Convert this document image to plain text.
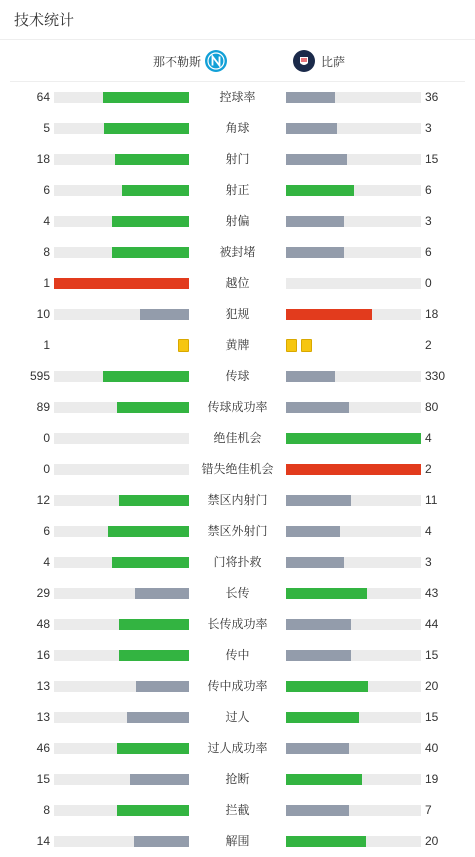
技术统计
那不勒斯	比萨
64	控球率	36
5	角球	3
18	射门	15
6	射正	6
4	射偏	3
8	被封堵	6
1	越位	0
10	犯规	18
1	黄牌	2
595	传球	330
89	传球成功率	80
0	绝佳机会	4
0	错失绝佳机会	2
12	禁区内射门	11
6	禁区外射门	4
4	门将扑救	3
29	长传	43
48	长传成功率	44
16	传中	15
13	传中成功率	20
13	过人	15
46	过人成功率	40
15	抢断	19
8	拦截	7
14	解围	20
